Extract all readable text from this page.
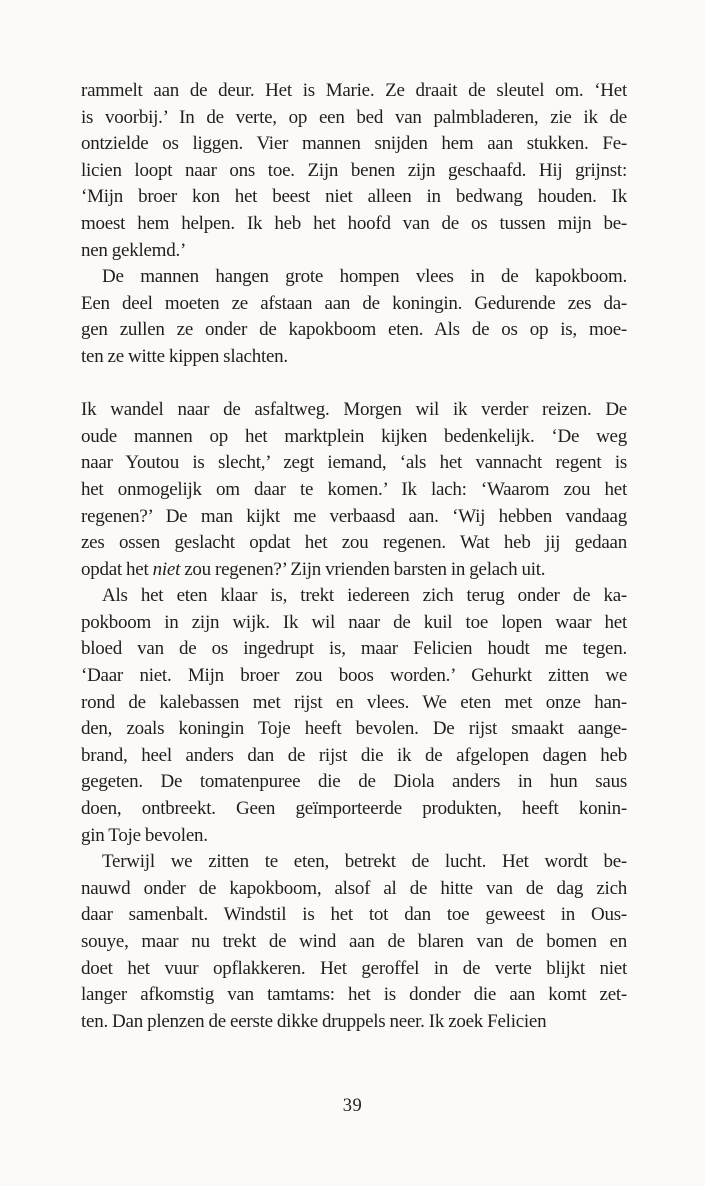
rammelt aan de deur. Het is Marie. Ze draait de sleutel om. ‘Het
is voorbij.’ In de verte, op een bed van palmbladeren, zie ik de
ontzielde os liggen. Vier mannen snijden hem aan stukken. Fe-
licien loopt naar ons toe. Zijn benen zijn geschaafd. Hij grijnst:
‘Mijn broer kon het beest niet alleen in bedwang houden. Ik
moest hem helpen. Ik heb het hoofd van de os tussen mijn be-
nen geklemd.’
De mannen hangen grote hompen vlees in de kapokboom.
Een deel moeten ze afstaan aan de koningin. Gedurende zes da-
gen zullen ze onder de kapokboom eten. Als de os op is, moe-
ten ze witte kippen slachten.
Ik wandel naar de asfaltweg. Morgen wil ik verder reizen. De
oude mannen op het marktplein kijken bedenkelijk. ‘De weg
naar Youtou is slecht,’ zegt iemand, ‘als het vannacht regent is
het onmogelijk om daar te komen.’ Ik lach: ‘Waarom zou het
regenen?’ De man kijkt me verbaasd aan. ‘Wij hebben vandaag
zes ossen geslacht opdat het zou regenen. Wat heb jij gedaan
opdat het niet zou regenen?’ Zijn vrienden barsten in gelach uit.
Als het eten klaar is, trekt iedereen zich terug onder de ka-
pokboom in zijn wijk. Ik wil naar de kuil toe lopen waar het
bloed van de os ingedrupt is, maar Felicien houdt me tegen.
‘Daar niet. Mijn broer zou boos worden.’ Gehurkt zitten we
rond de kalebassen met rijst en vlees. We eten met onze han-
den, zoals koningin Toje heeft bevolen. De rijst smaakt aange-
brand, heel anders dan de rijst die ik de afgelopen dagen heb
gegeten. De tomatenpuree die de Diola anders in hun saus
doen, ontbreekt. Geen geïmporteerde produkten, heeft konin-
gin Toje bevolen.
Terwijl we zitten te eten, betrekt de lucht. Het wordt be-
nauwd onder de kapokboom, alsof al de hitte van de dag zich
daar samenbalt. Windstil is het tot dan toe geweest in Ous-
souye, maar nu trekt de wind aan de blaren van de bomen en
doet het vuur opflakkeren. Het geroffel in de verte blijkt niet
langer afkomstig van tamtams: het is donder die aan komt zet-
ten. Dan plenzen de eerste dikke druppels neer. Ik zoek Felicien
39
